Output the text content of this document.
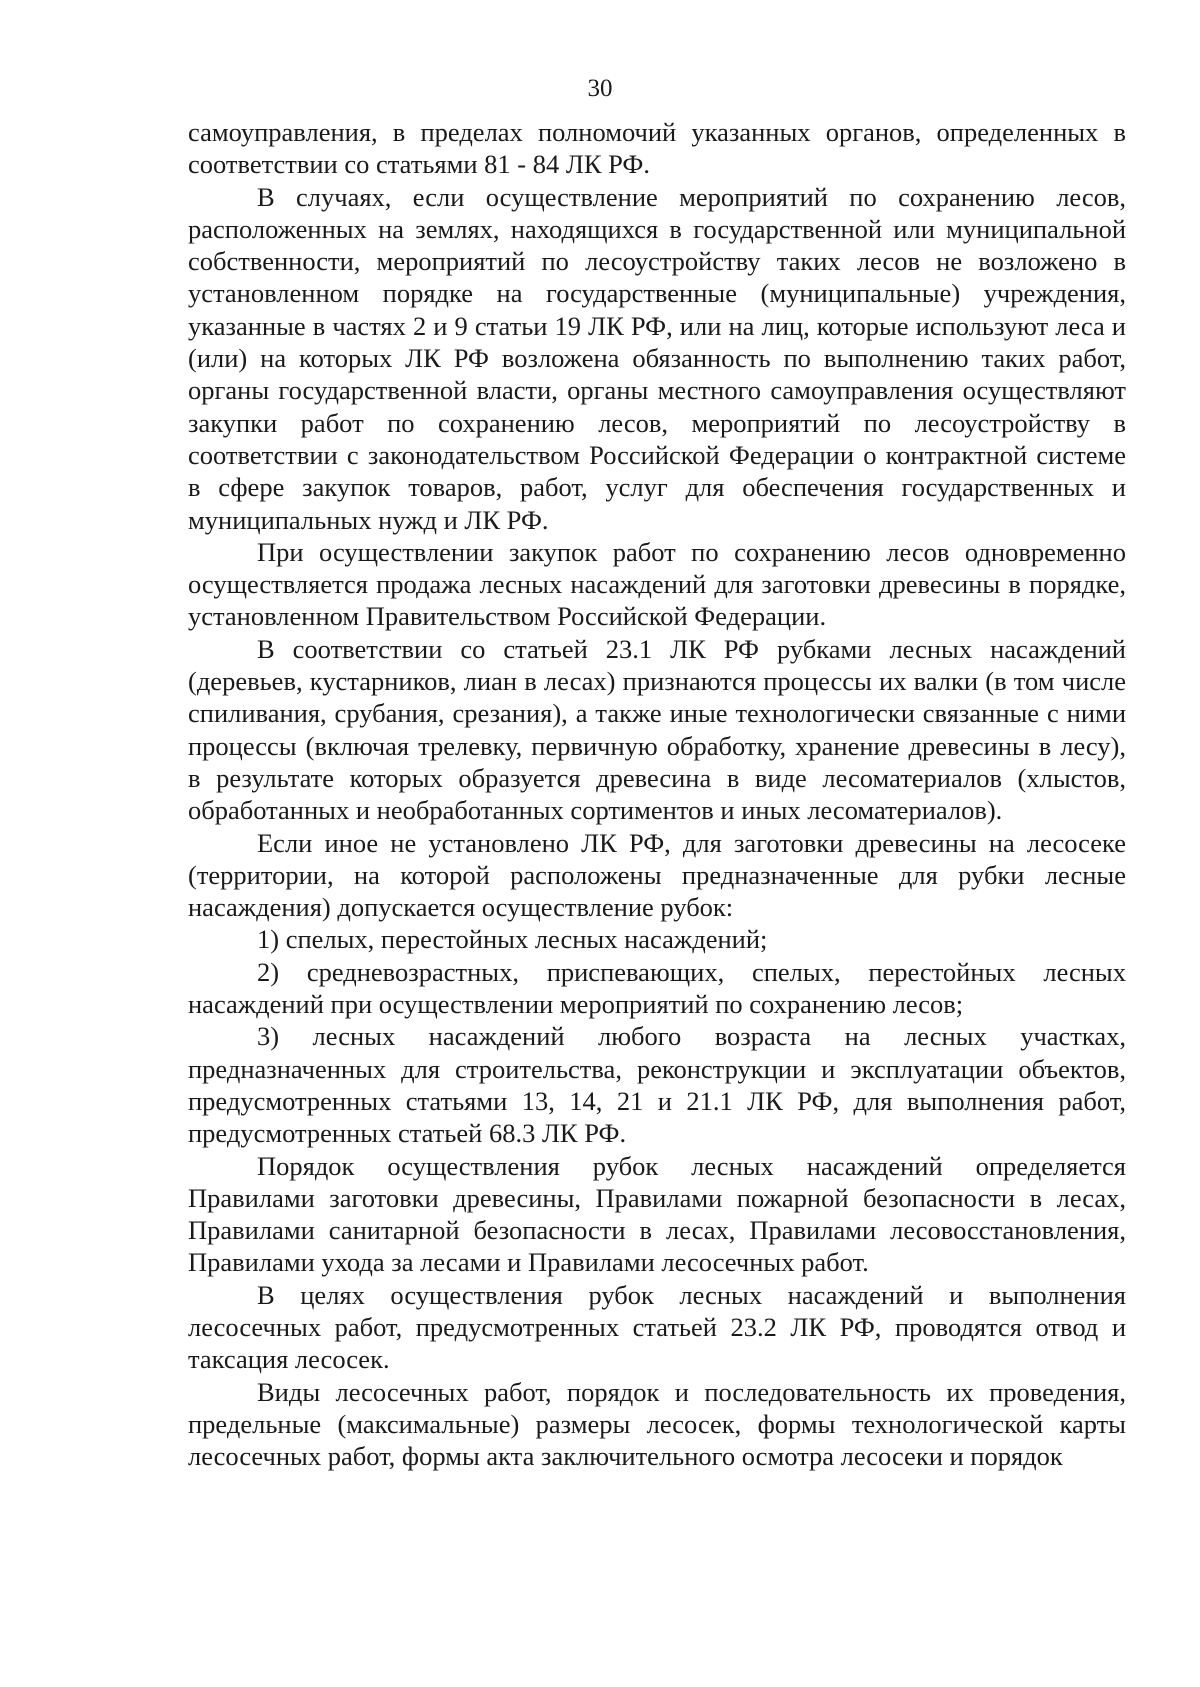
30

самоуправления, в пределах полномочий указанных органов, определенных в соответствии со статьями 81 - 84 ЛК РФ.

В случаях, если осуществление мероприятий по сохранению лесов, расположенных на землях, находящихся в государственной или муниципальной собственности, мероприятий по лесоустройству таких лесов не возложено в установленном порядке на государственные (муниципальные) учреждения, указанные в частях 2 и 9 статьи 19 ЛК РФ, или на лиц, которые используют леса и (или) на которых ЛК РФ возложена обязанность по выполнению таких работ, органы государственной власти, органы местного самоуправления осуществляют закупки работ по сохранению лесов, мероприятий по лесоустройству в соответствии с законодательством Российской Федерации о контрактной системе в сфере закупок товаров, работ, услуг для обеспечения государственных и муниципальных нужд и ЛК РФ.

При осуществлении закупок работ по сохранению лесов одновременно осуществляется продажа лесных насаждений для заготовки древесины в порядке, установленном Правительством Российской Федерации.

В соответствии со статьей 23.1 ЛК РФ рубками лесных насаждений (деревьев, кустарников, лиан в лесах) признаются процессы их валки (в том числе спиливания, срубания, срезания), а также иные технологически связанные с ними процессы (включая трелевку, первичную обработку, хранение древесины в лесу), в результате которых образуется древесина в виде лесоматериалов (хлыстов, обработанных и необработанных сортиментов и иных лесоматериалов).

Если иное не установлено ЛК РФ, для заготовки древесины на лесосеке (территории, на которой расположены предназначенные для рубки лесные насаждения) допускается осуществление рубок:

1) спелых, перестойных лесных насаждений;

2) средневозрастных, приспевающих, спелых, перестойных лесных насаждений при осуществлении мероприятий по сохранению лесов;

3) лесных насаждений любого возраста на лесных участках, предназначенных для строительства, реконструкции и эксплуатации объектов, предусмотренных статьями 13, 14, 21 и 21.1 ЛК РФ, для выполнения работ, предусмотренных статьей 68.3 ЛК РФ.

Порядок осуществления рубок лесных насаждений определяется Правилами заготовки древесины, Правилами пожарной безопасности в лесах, Правилами санитарной безопасности в лесах, Правилами лесовосстановления, Правилами ухода за лесами и Правилами лесосечных работ.

В целях осуществления рубок лесных насаждений и выполнения лесосечных работ, предусмотренных статьей 23.2 ЛК РФ, проводятся отвод и таксация лесосек.

Виды лесосечных работ, порядок и последовательность их проведения, предельные (максимальные) размеры лесосек, формы технологической карты лесосечных работ, формы акта заключительного осмотра лесосеки и порядок
